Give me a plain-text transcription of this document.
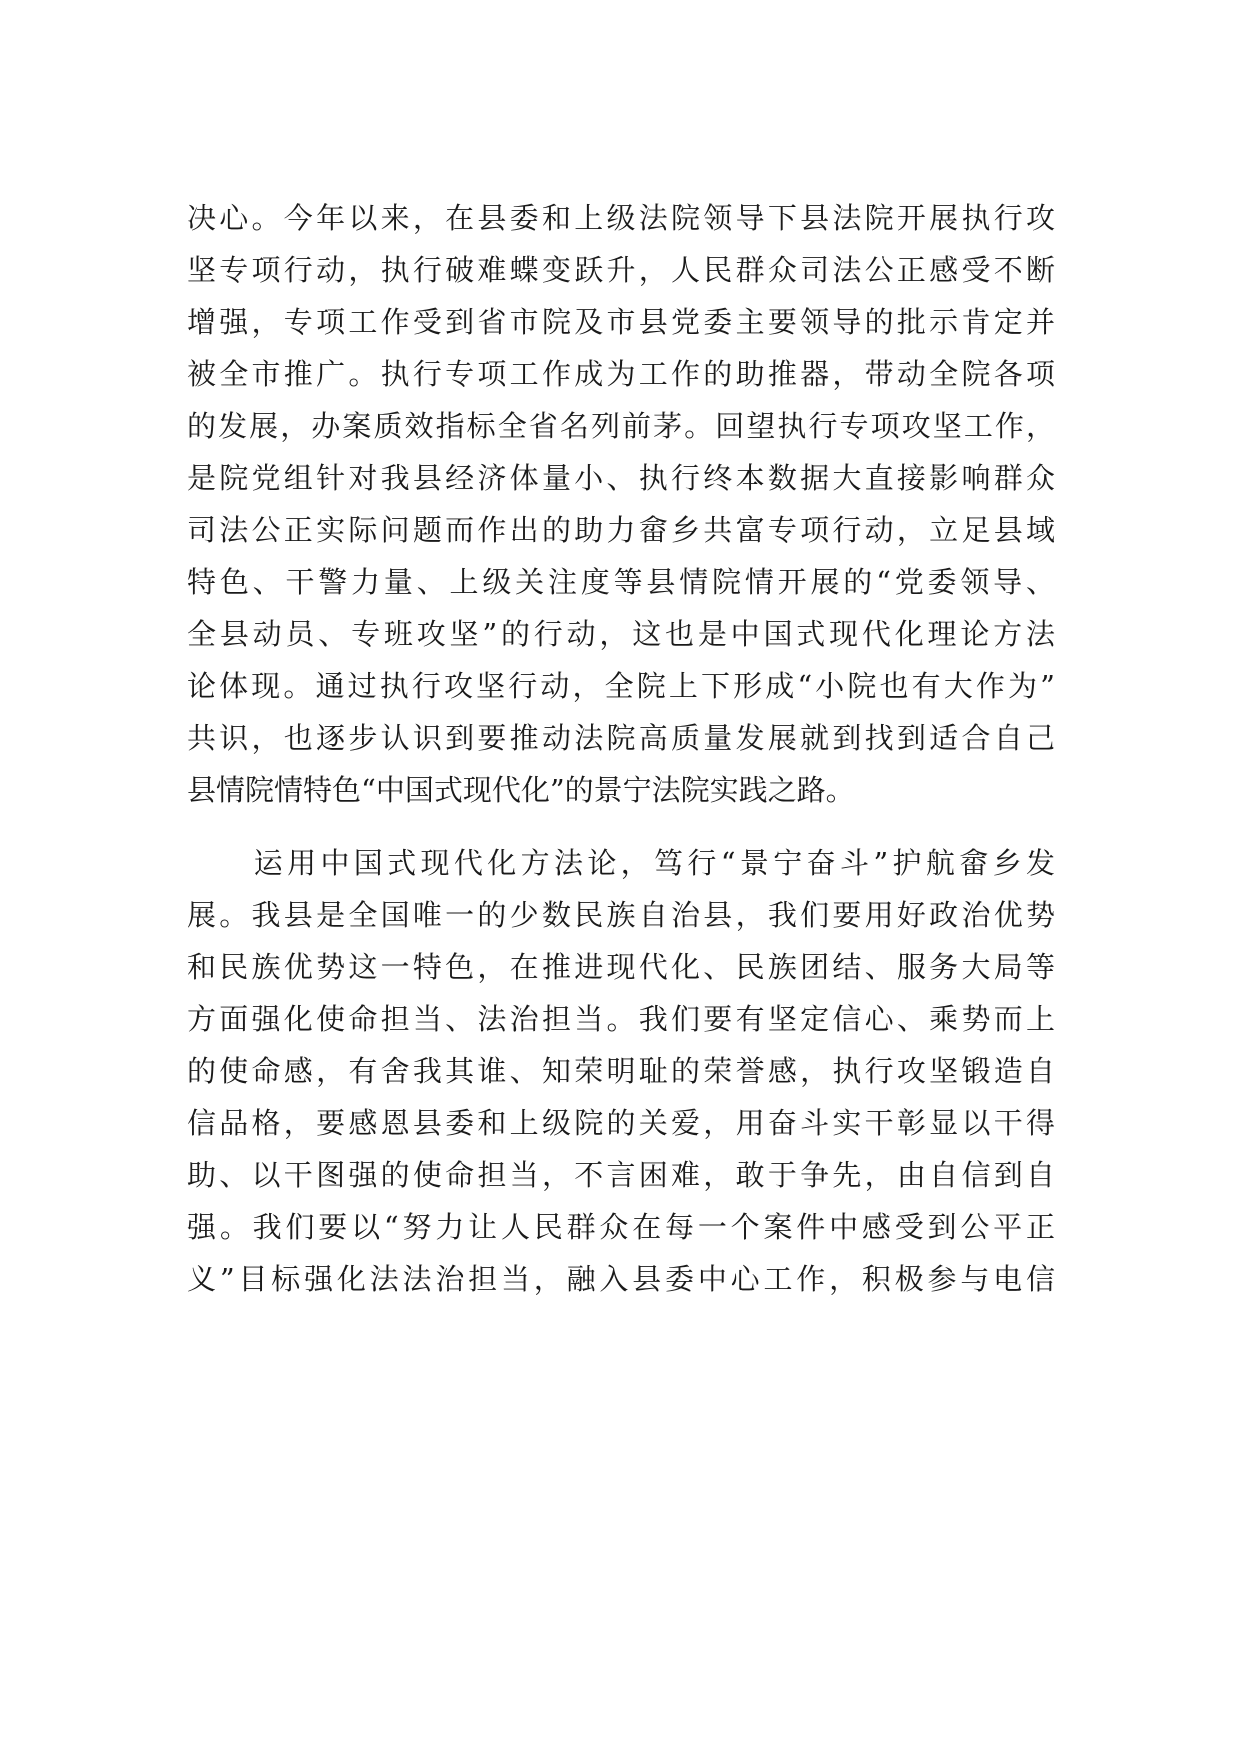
决心。今年以来，在县委和上级法院领导下县法院开展执行攻
坚专项行动，执行破难蝶变跃升，人民群众司法公正感受不断
增强，专项工作受到省市院及市县党委主要领导的批示肯定并
被全市推广。执行专项工作成为工作的助推器，带动全院各项
的发展，办案质效指标全省名列前茅。回望执行专项攻坚工作，
是院党组针对我县经济体量小、执行终本数据大直接影响群众
司法公正实际问题而作出的助力畲乡共富专项行动，立足县域
特色、干警力量、上级关注度等县情院情开展的“党委领导、
全县动员、专班攻坚”的行动，这也是中国式现代化理论方法
论体现。通过执行攻坚行动，全院上下形成“小院也有大作为”
共识，也逐步认识到要推动法院高质量发展就到找到适合自己
县情院情特色“中国式现代化”的景宁法院实践之路。
　　运用中国式现代化方法论，笃行“景宁奋斗”护航畲乡发
展。我县是全国唯一的少数民族自治县，我们要用好政治优势
和民族优势这一特色，在推进现代化、民族团结、服务大局等
方面强化使命担当、法治担当。我们要有坚定信心、乘势而上
的使命感，有舍我其谁、知荣明耻的荣誉感，执行攻坚锻造自
信品格，要感恩县委和上级院的关爱，用奋斗实干彰显以干得
助、以干图强的使命担当，不言困难，敢于争先，由自信到自
强。我们要以“努力让人民群众在每一个案件中感受到公平正
义”目标强化法法治担当，融入县委中心工作，积极参与电信
